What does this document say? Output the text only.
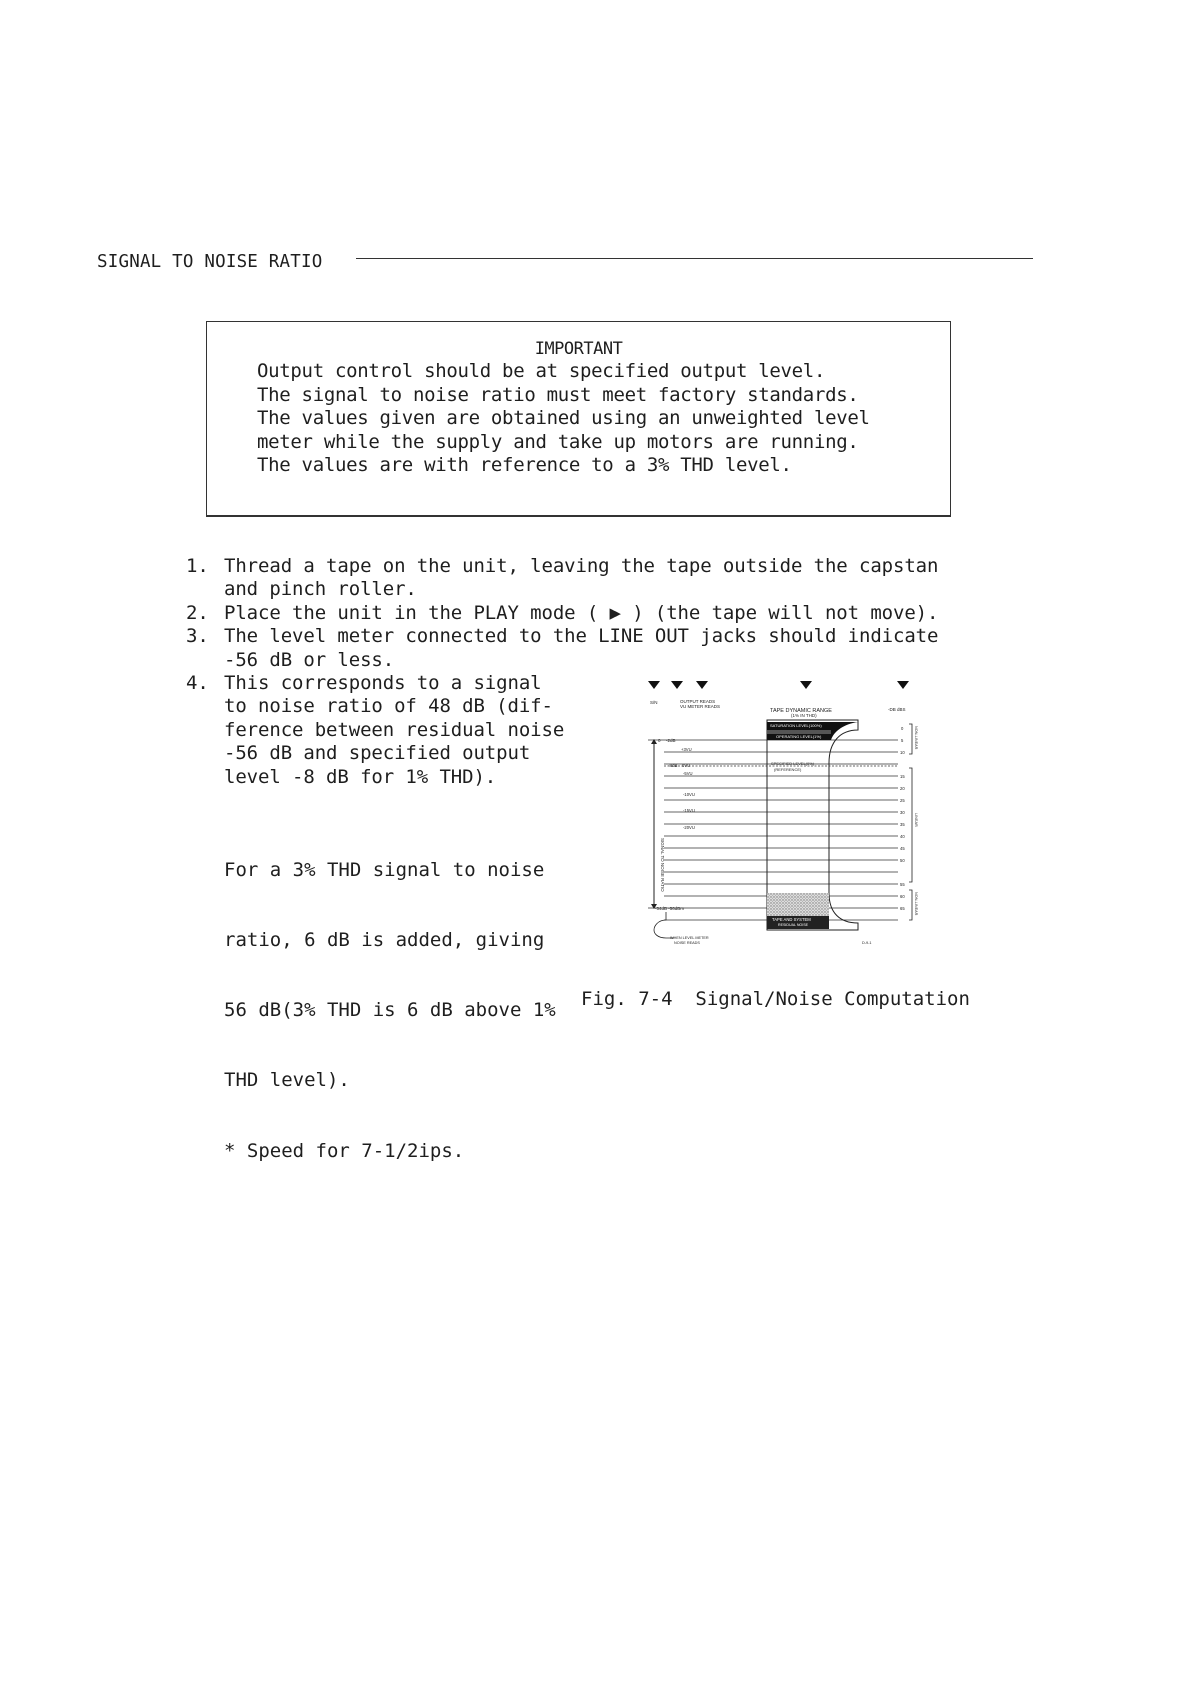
SIGNAL TO NOISE RATIO
IMPORTANT
Output control should be at specified output level.
The signal to noise ratio must meet factory standards.
The values given are obtained using an unweighted level
meter while the supply and take up motors are running.
The values are with reference to a 3% THD level.
1. Thread a tape on the unit, leaving the tape outside the capstan
and pinch roller.
2. Place the unit in the PLAY mode ( ▶ ) (the tape will not move).
3. The level meter connected to the LINE OUT jacks should indicate
-56 dB or less.
4. This corresponds to a signal
to noise ratio of 48 dB (dif-
ference between residual noise
-56 dB and specified output
level -8 dB for 1% THD).

For a 3% THD signal to noise

ratio, 6 dB is added, giving

56 dB(3% THD is 6 dB above 1%

THD level).

* Speed for 7-1/2ips.

S/N	OUTPUT READS
VU METER READS
TAPE DYNAMIC RANGE
(1% IN THD)
-DB dBS
SIGNAL TO NOISE RATIO
SATURATION LEVEL(100%)
OPERATING LEVEL(1%)
SPECIFIED LEVEL(0%)
(REFERENCE)
TAPE AND SYSTEM
RESIDUAL NOISE
0 -2dB
-8dB
+3VU
0VU
-5VU
-10VU
-15VU
-20VU
0
5
10
15
20
25
30
35
40
45
50
55
60
65
NON-LINEAR
LINEAR
NON-LINEAR
-54dB -56dBm
WHEN LEVEL METER
NOISE READS	D-9-1
Fig. 7-4  Signal/Noise Computation
